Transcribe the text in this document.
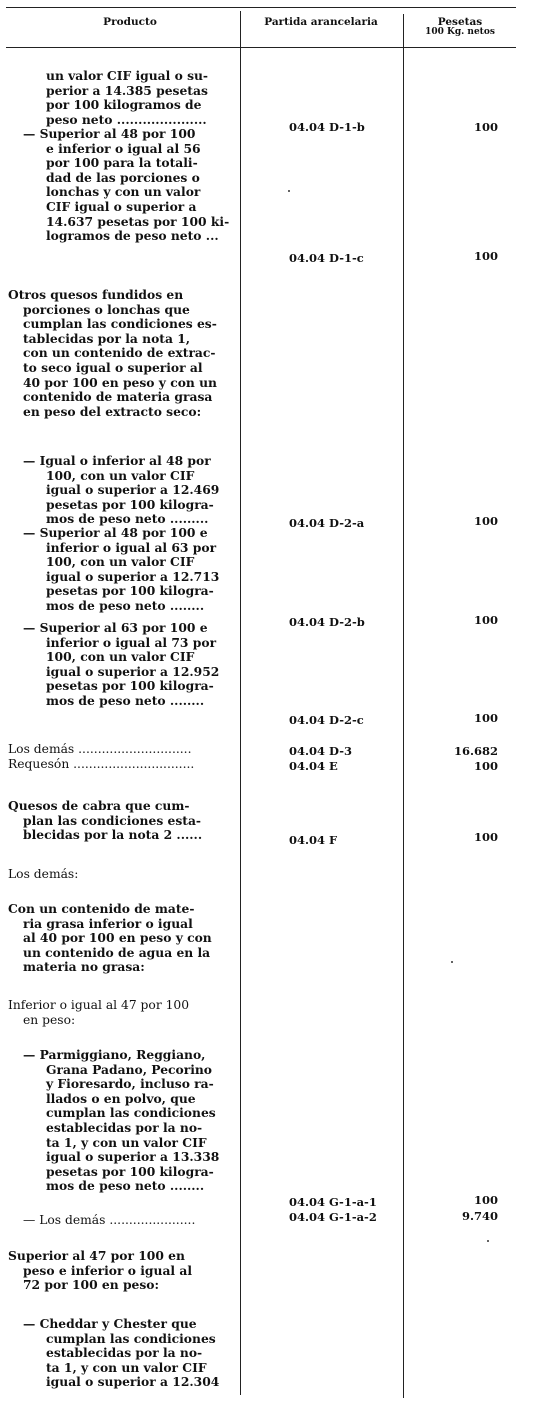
Producto	Partida arancelaria	Pesetas
100 Kg. netos
un valor CIF igual o su-
perior a 14.385 pesetas
por 100 kilogramos de
peso neto .....................
— Superior al 48 por 100
e inferior o igual al 56
por 100 para la totali-
dad de las porciones o
lonchas y con un valor
CIF igual o superior a
14.637 pesetas por 100 ki-
logramos de peso neto ...
Otros quesos fundidos en
porciones o lonchas que
cumplan las condiciones es-
tablecidas por la nota 1,
con un contenido de extrac-
to seco igual o superior al
40 por 100 en peso y con un
contenido de materia grasa
en peso del extracto seco:
— Igual o inferior al 48 por
100, con un valor CIF
igual o superior a 12.469
pesetas por 100 kilogra-
mos de peso neto .........
— Superior al 48 por 100 e
inferior o igual al 63 por
100, con un valor CIF
igual o superior a 12.713
pesetas por 100 kilogra-
mos de peso neto ........
— Superior al 63 por 100 e
inferior o igual al 73 por
100, con un valor CIF
igual o superior a 12.952
pesetas por 100 kilogra-
mos de peso neto ........
Los demás .............................
Requesón ...............................
Quesos de cabra que cum-
plan las condiciones esta-
blecidas por la nota 2 ......
Los demás:
Con un contenido de mate-
ria grasa inferior o igual
al 40 por 100 en peso y con
un contenido de agua en la
materia no grasa:
Inferior o igual al 47 por 100
en peso:
— Parmiggiano, Reggiano,
Grana Padano, Pecorino
y Fioresardo, incluso ra-
llados o en polvo, que
cumplan las condiciones
establecidas por la no-
ta 1, y con un valor CIF
igual o superior a 13.338
pesetas por 100 kilogra-
mos de peso neto ........
— Los demás ......................
Superior al 47 por 100 en
peso e inferior o igual al
72 por 100 en peso:
— Cheddar y Chester que
cumplan las condiciones
establecidas por la no-
ta 1, y con un valor CIF
igual o superior a 12.304
04.04 D-1-b
04.04 D-1-c
04.04 D-2-a
04.04 D-2-b
04.04 D-2-c
04.04 D-3
04.04 E
04.04 F
04.04 G-1-a-1
04.04 G-1-a-2
100
100
100
100
100
16.682
100
100
100
9.740
